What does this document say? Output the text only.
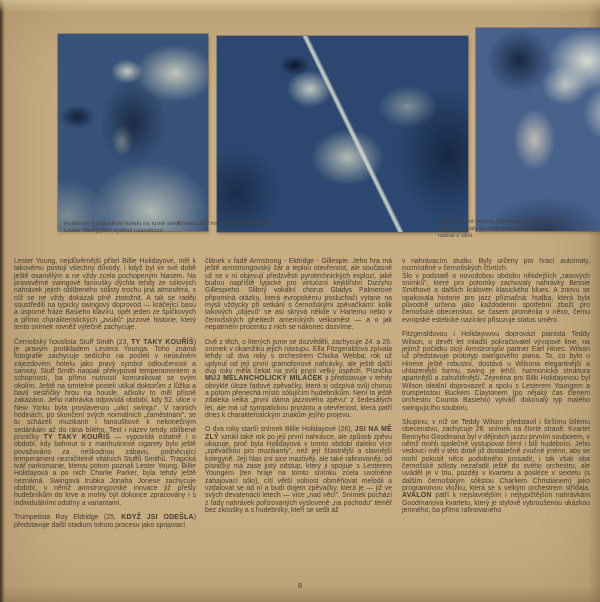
Hudebník v zájezdním hotelu na turné aneb: Lester Young jako symbol osamělosti.
Elektrizující housličky Stuffa Smitha.	Květiny, které zdobily Billii Holidayovou už jako dívku, skrývaly až příliš často něco jiného než radost z vůní.

Lester Young, nejdůvěrnější přítel Billie Holidayové, měl k takovému postoji všechny důvody, i když byl ve své době ještě osamělým a ne vždy zcela pochopeným hlasem. Na pravověrné swingové fanoušky dýchla tehdy ze sólových nahrávek jejich oblíbeného sólisty trochu jiná atmosféra, s níž se ne vždy dokázali plně ztotožnit. A tak se raději soustředili na typicky swingový doprovod — kráčející basu a úsporné fráze Basieho klavíru, opět jeden ze špičkových a přímo charakteristických „zvuků“ jazzové historie, který tento snímek rovněž výtečně zachycuje.

Černošský houslista Stuff Smith (23, TY TAKY KOUŘÍŠ) je pravým protikladem Lestera Younga. Toho známá fotografie zachycuje sedícího na posteli v neútulném zájezdovém hotelu jako pravý symbol odloučenosti a samoty. Stuff Smith naopak překypoval temperamentem a schopností, ba přímo nutností komunikovat se svým okolím. Ještě na smrtelné posteli utíkal doktorům z lůžka a bavil sestřičky hrou na housle, ačkoliv to měl přísně zakázáno. Jeho nahrávka odpovídá období, kdy 52. ulice v New Yorku byla proslavenou „ulicí swingu“. V ranních hodinách, po skončení svých normálních „zaměstnání“, se tu scházeli muzikanti i fanouškové k nekonečným sedánkám až do rána bílého. Text i název tehdy oblíbené písničky TY TAKY KOUŘÍŠ — vypovídá ostatně i o období, kdy bafnout si z marihuánové cigarety bylo ještě považováno za neškodnou zábavu, podněcující temperament nezničitelně vitálních Stuffů Smithů. Tragická tvář narkomanie, kterou potom poznali Lester Young, Billie Holidayová a po nich Charlie Parker, byla tehdy ještě neznámá. Swingová trubka Jonaha Jonese zachycuje období, v němž armstrongovské inovace již přešly hudebníkům do krve a mohly být dokonce zpracovány i s individuálními odstíny a variantami.

Trumpetista Roy Eldridge (25, KDYŽ JSI ODEŠLA) představuje další stadium tohoto procesu jako spojovací

článek v řadě Armstrong - Eldridge - Gillespie. Jeho hra má ještě armstrongovský žár a teplou otevřenost, ale současně už se v ní objevují předzvěsti pyrotechnických explozí, jaké budou napříště typické pro virtuózní kejklířství Dizzyho Gillespieho. Slibný vokální chorus Gladys Palmerové připomíná otázku, která evropskému posluchači vytane na mysli vždycky při setkání s černošskými zpěvačkami: kolik takových „objevů“ se asi skrývá někde v Harlemu nebo v černošských ghettech amerických velkoměst — a o jak nepatrném procentu z nich se nakonec dozvíme.

Dvě z těch, o kterých jsme se dozvěděli, zachycuje 24. a 26. snímek v okamžiku jejich nástupu. Ella Fitzgeraldová zpívala tehdy už dva roky s orchestrem Chicka Webba; rok už uplynul od její první gramofonové nahrávky, ale ještě další dva roky měla čekat na svůj první velký úspěch. Písnička MŮJ MELANCHOLICKÝ MILÁČEK ji představuje v tehdy obvyklé úloze řadové zpěvačky, která si odzpívá svůj chorus a potom přenechá místo sólujícím hudebníkům. Není to ještě zdaleka velká „první dáma jazzového zpěvu“ z šedesátých let, ale má už sympatickou prostotu a otevřenost, která patří dnes k charakteristickým znakům jejího projevu.

O dva roky starší snímek Billie Holidayové (26), JSI NA MĚ ZLÝ vznikl také rok po její první nahrávce, ale způsob zpěvu ukazuje, proč byla Holidayová v tomto období daleko více „zpěvačkou pro muzikanty“, než její šťastnější a slavnější kolegyně. Její hlas zní sice mazlivěji, ale také rafinovaněji; od písničky má zase jistý odstup, který ji spojuje s Lesterem Youngem (ten hraje na tomto snímku zcela uvolněné zahajovací sólo), cítí větší volnost obměňovat melodii a vzdalovat se od ní a budí dojem zpěvačky, která je — již ve svých devatenácti letech — více „nad věcí“. Snímek pochází z řady nahrávek pořizovaných vysloveně „na pochodu“ téměř bez zkoušky a s hudebníky, kteří se sešli až

v nahrávacím studiu. Byly určeny pro hrací automaty, rozmístěné v černošských čtvrtích.

Šlo v podstatě o novodobou obdobu někdejších „rasových snímků“, které pro potomky zachovaly nahrávky Bessie Smithové a dalších královen klasického blues. A znovu se opakovala historie pro jazz příznačná: hudba, která byla původně určena jako každodenní spotřební zboží pro černošské obecenstvo, se časem proměnila v něco, čemu evropské estetické nazírání přisuzuje status umění.

Fitzgeraldovou i Holidayovou doprovází pianista Teddy Wilson, o devět let mladší pokračovatel vývojové linie, na jejímž počátku stojí Armstrongův partner Earl Hines. Wilson už představuje prototyp swingového piana. To, co bylo u Hinese ještě robustní, dostává u Wilsona elegantnější a uhlazenější formu, swing je lehčí, harmonická struktura apartnější a zahuštěnější. Zejména pro Billii Holidayovou byl Wilson ideální doprovazeč a spolu s Lesterem Youngem a trumpetistou Buckem Claytonem (po nějaký čas členem orchestru Counta Basieho) vytváří dokonalý typ malého swingujícího souboru.

Skupinu, v níž se Teddy Wilson představil i širšímu bílému obecenstvu, zachycuje 28. snímek na čtvrté straně. Kvartet Bennyho Goodmana byl v dějinách jazzu prvním souborem, v němž mohli společně vystupovat černí i bílí hudebníci. Jeho vedoucí měl v této době již dostatečně zvučné jméno, aby se mohl pokusit něco podobného prosadit; i tak však oba černošské sólisty nezařadil ještě do svého orchestru, ale uváděl je v triu, později v kvartetu a posléze v sextetu (s dalším černošským sólistou Charliem Christianem) jako programovou vložku, která se s velkým orchestrem střídala. AVALON patří k nejslavnějším i nejtypičtějším nahrávkám Goodmanova kvartetu, který je stylově vybroušenou ukázkou jemného, ba přímo rafinovaného

8
